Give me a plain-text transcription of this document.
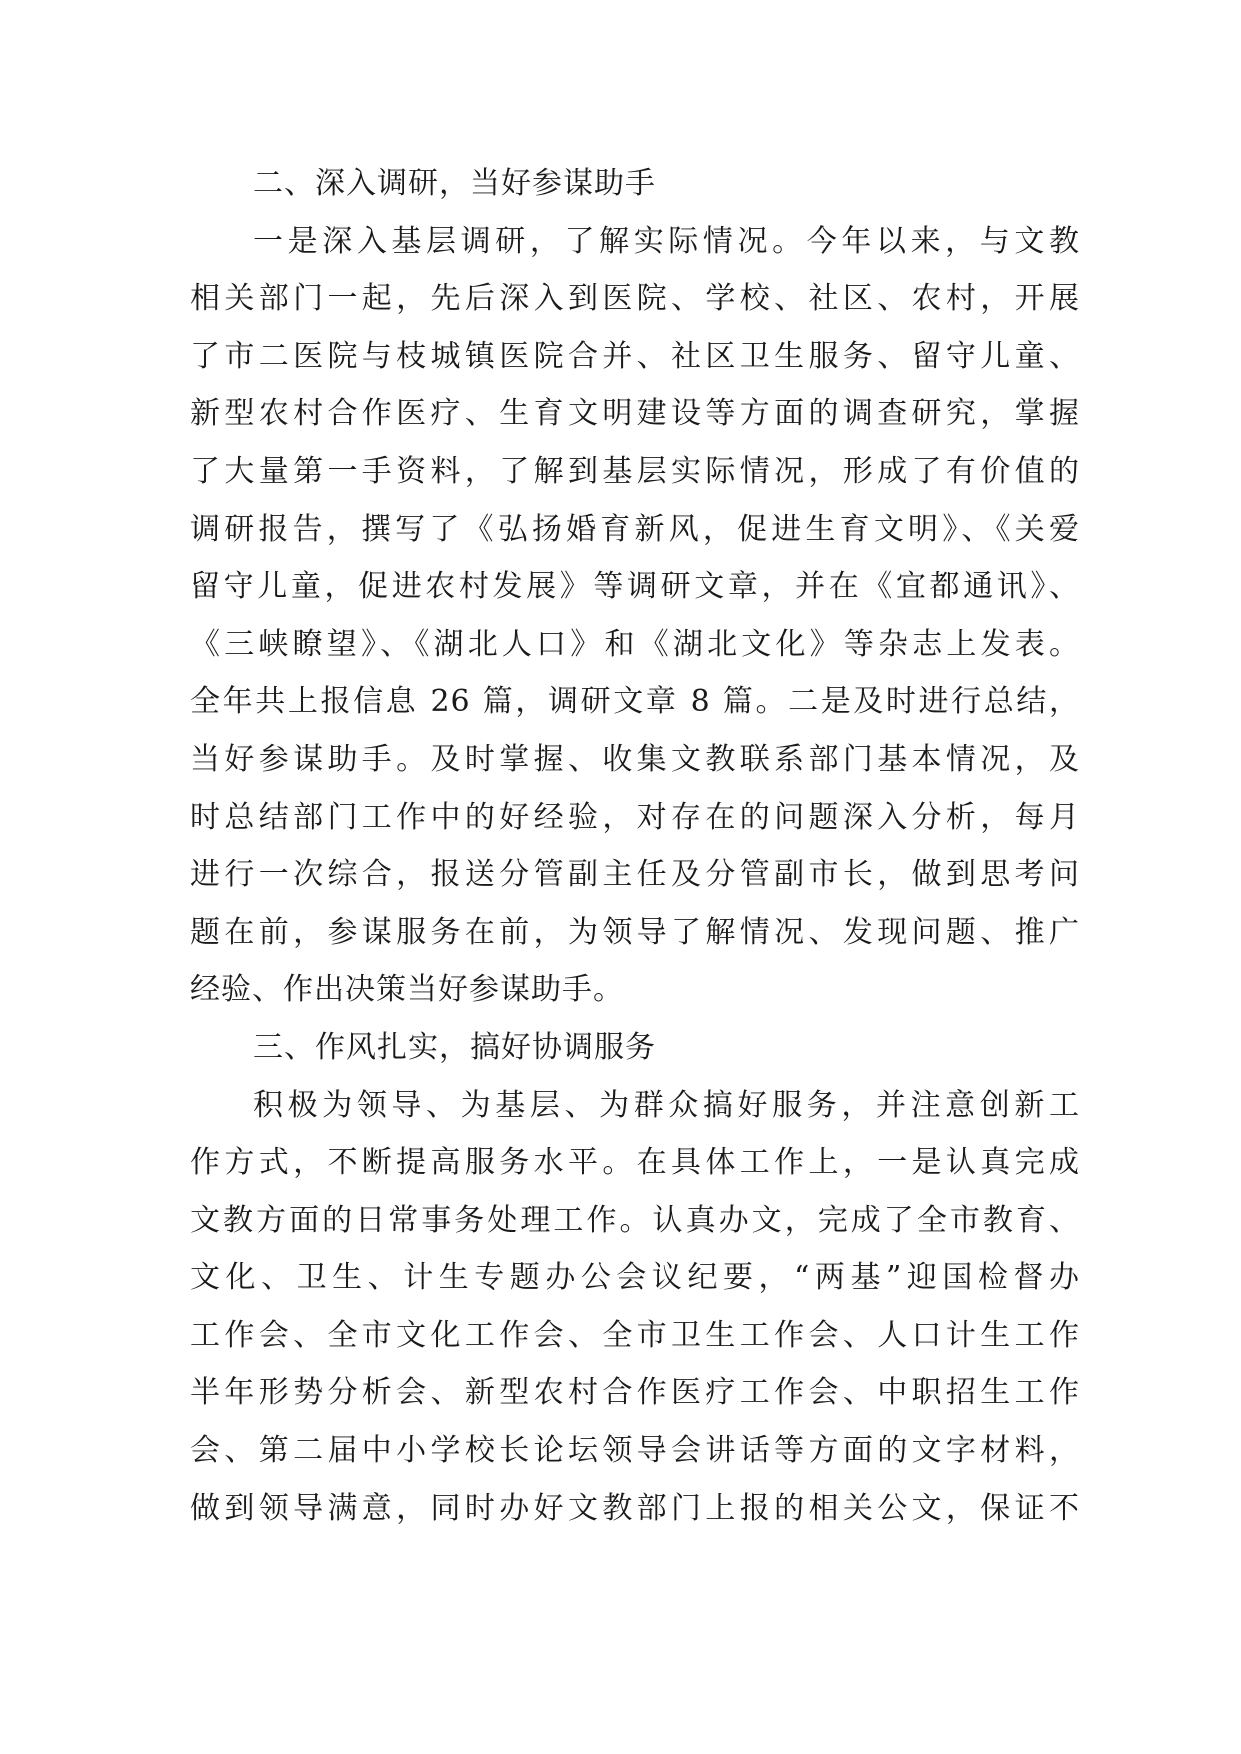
二、深入调研，当好参谋助手
一是深入基层调研，了解实际情况。今年以来，与文教
相关部门一起，先后深入到医院、学校、社区、农村，开展
了市二医院与枝城镇医院合并、社区卫生服务、留守儿童、
新型农村合作医疗、生育文明建设等方面的调查研究，掌握
了大量第一手资料，了解到基层实际情况，形成了有价值的
调研报告，撰写了《弘扬婚育新风，促进生育文明》、《关爱
留守儿童，促进农村发展》等调研文章，并在《宜都通讯》、
《三峡瞭望》、《湖北人口》和《湖北文化》等杂志上发表。
全年共上报信息 26 篇，调研文章 8 篇。二是及时进行总结，
当好参谋助手。及时掌握、收集文教联系部门基本情况，及
时总结部门工作中的好经验，对存在的问题深入分析，每月
进行一次综合，报送分管副主任及分管副市长，做到思考问
题在前，参谋服务在前，为领导了解情况、发现问题、推广
经验、作出决策当好参谋助手。
三、作风扎实，搞好协调服务
积极为领导、为基层、为群众搞好服务，并注意创新工
作方式，不断提高服务水平。在具体工作上，一是认真完成
文教方面的日常事务处理工作。认真办文，完成了全市教育、
文化、卫生、计生专题办公会议纪要，“两基”迎国检督办
工作会、全市文化工作会、全市卫生工作会、人口计生工作
半年形势分析会、新型农村合作医疗工作会、中职招生工作
会、第二届中小学校长论坛领导会讲话等方面的文字材料，
做到领导满意，同时办好文教部门上报的相关公文，保证不
